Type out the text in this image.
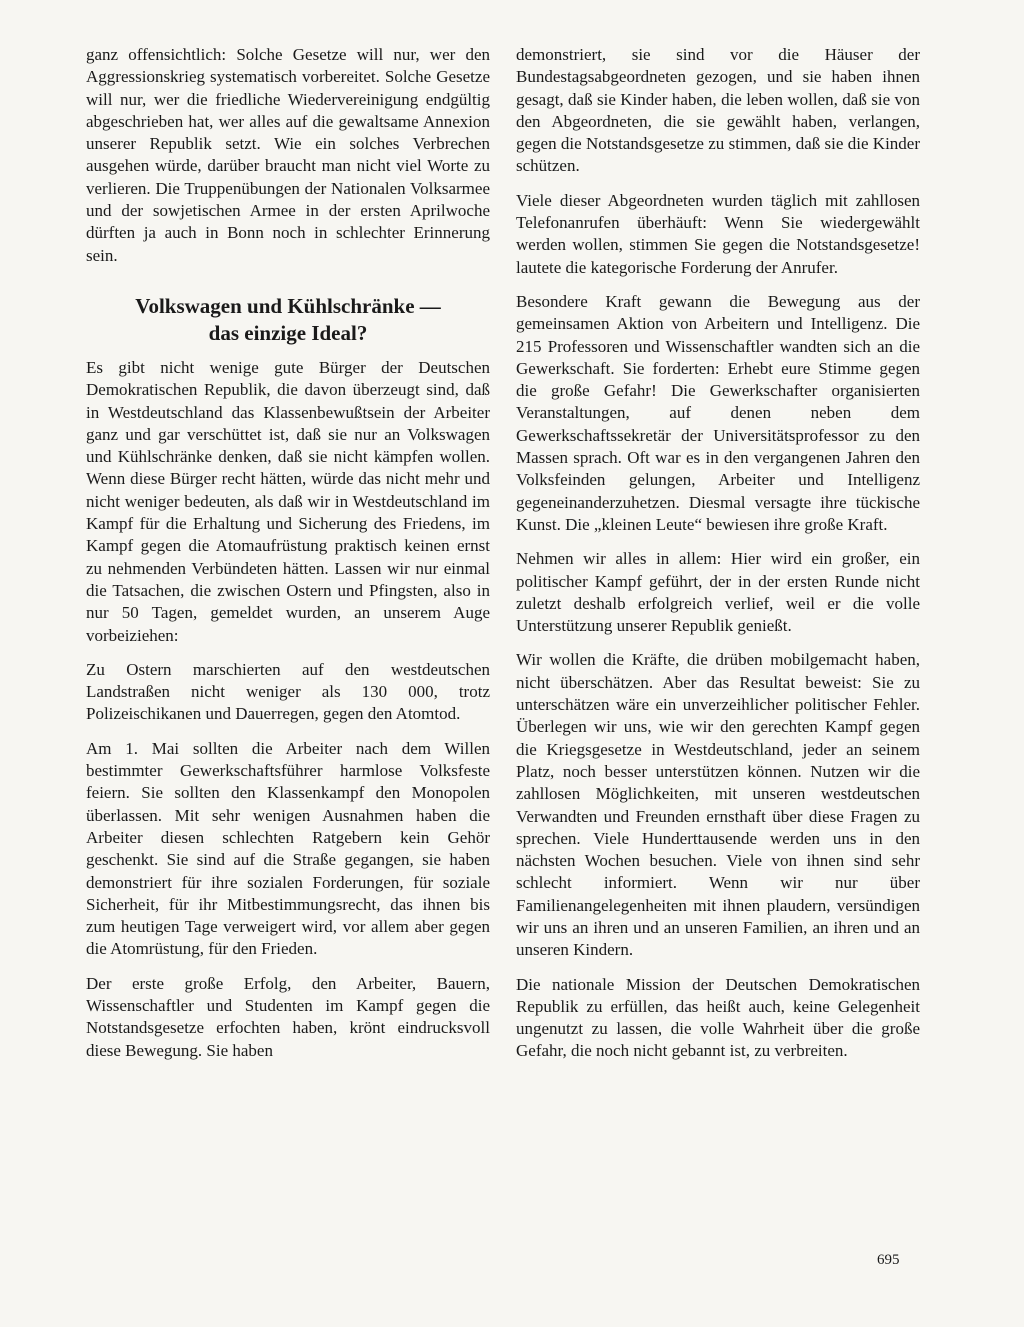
ganz offensichtlich: Solche Gesetze will nur, wer den Aggressionskrieg systematisch vorbereitet. Solche Gesetze will nur, wer die friedliche Wiedervereinigung endgültig abgeschrieben hat, wer alles auf die gewaltsame Annexion unserer Republik setzt. Wie ein solches Verbrechen ausgehen würde, darüber braucht man nicht viel Worte zu verlieren. Die Truppenübungen der Nationalen Volksarmee und der sowjetischen Armee in der ersten Aprilwoche dürften ja auch in Bonn noch in schlechter Erinnerung sein.

Volkswagen und Kühlschränke —
das einzige Ideal?

Es gibt nicht wenige gute Bürger der Deutschen Demokratischen Republik, die davon überzeugt sind, daß in Westdeutschland das Klassenbewußtsein der Arbeiter ganz und gar verschüttet ist, daß sie nur an Volkswagen und Kühlschränke denken, daß sie nicht kämpfen wollen. Wenn diese Bürger recht hätten, würde das nicht mehr und nicht weniger bedeuten, als daß wir in Westdeutschland im Kampf für die Erhaltung und Sicherung des Friedens, im Kampf gegen die Atomaufrüstung praktisch keinen ernst zu nehmenden Verbündeten hätten. Lassen wir nur einmal die Tatsachen, die zwischen Ostern und Pfingsten, also in nur 50 Tagen, gemeldet wurden, an unserem Auge vorbeiziehen:

Zu Ostern marschierten auf den westdeutschen Landstraßen nicht weniger als 130 000, trotz Polizeischikanen und Dauerregen, gegen den Atomtod.

Am 1. Mai sollten die Arbeiter nach dem Willen bestimmter Gewerkschaftsführer harmlose Volksfeste feiern. Sie sollten den Klassenkampf den Monopolen überlassen. Mit sehr wenigen Ausnahmen haben die Arbeiter diesen schlechten Ratgebern kein Gehör geschenkt. Sie sind auf die Straße gegangen, sie haben demonstriert für ihre sozialen Forderungen, für soziale Sicherheit, für ihr Mitbestimmungsrecht, das ihnen bis zum heutigen Tage verweigert wird, vor allem aber gegen die Atomrüstung, für den Frieden.

Der erste große Erfolg, den Arbeiter, Bauern, Wissenschaftler und Studenten im Kampf gegen die Notstandsgesetze erfochten haben, krönt eindrucksvoll diese Bewegung. Sie haben

demonstriert, sie sind vor die Häuser der Bundestagsabgeordneten gezogen, und sie haben ihnen gesagt, daß sie Kinder haben, die leben wollen, daß sie von den Abgeordneten, die sie gewählt haben, verlangen, gegen die Notstandsgesetze zu stimmen, daß sie die Kinder schützen.

Viele dieser Abgeordneten wurden täglich mit zahllosen Telefonanrufen überhäuft: Wenn Sie wiedergewählt werden wollen, stimmen Sie gegen die Notstandsgesetze! lautete die kategorische Forderung der Anrufer.

Besondere Kraft gewann die Bewegung aus der gemeinsamen Aktion von Arbeitern und Intelligenz. Die 215 Professoren und Wissenschaftler wandten sich an die Gewerkschaft. Sie forderten: Erhebt eure Stimme gegen die große Gefahr! Die Gewerkschafter organisierten Veranstaltungen, auf denen neben dem Gewerkschaftssekretär der Universitätsprofessor zu den Massen sprach. Oft war es in den vergangenen Jahren den Volksfeinden gelungen, Arbeiter und Intelligenz gegeneinanderzuhetzen. Diesmal versagte ihre tückische Kunst. Die „kleinen Leute“ bewiesen ihre große Kraft.

Nehmen wir alles in allem: Hier wird ein großer, ein politischer Kampf geführt, der in der ersten Runde nicht zuletzt deshalb erfolgreich verlief, weil er die volle Unterstützung unserer Republik genießt.

Wir wollen die Kräfte, die drüben mobilgemacht haben, nicht überschätzen. Aber das Resultat beweist: Sie zu unterschätzen wäre ein unverzeihlicher politischer Fehler. Überlegen wir uns, wie wir den gerechten Kampf gegen die Kriegsgesetze in Westdeutschland, jeder an seinem Platz, noch besser unterstützen können. Nutzen wir die zahllosen Möglichkeiten, mit unseren westdeutschen Verwandten und Freunden ernsthaft über diese Fragen zu sprechen. Viele Hunderttausende werden uns in den nächsten Wochen besuchen. Viele von ihnen sind sehr schlecht informiert. Wenn wir nur über Familienangelegenheiten mit ihnen plaudern, versündigen wir uns an ihren und an unseren Familien, an ihren und an unseren Kindern.

Die nationale Mission der Deutschen Demokratischen Republik zu erfüllen, das heißt auch, keine Gelegenheit ungenutzt zu lassen, die volle Wahrheit über die große Gefahr, die noch nicht gebannt ist, zu verbreiten.

695
